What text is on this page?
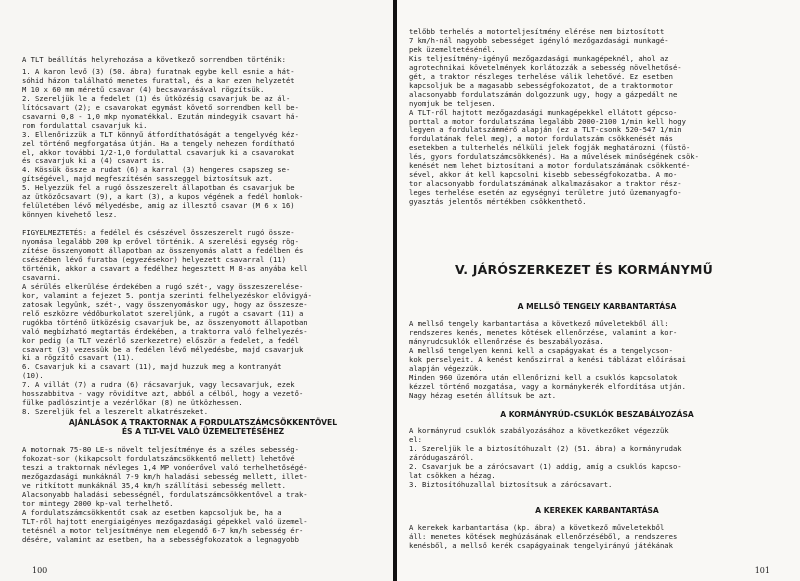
A TLT beállítás helyrehozása a következő sorrendben történik:
1. A karon levő (3) (50. ábra) furatnak egybe kell esnie a hát-
sóhid házon található menetes furattal, és a kar ezen helyzetét
M 10 x 60 mm méretű csavar (4) becsavarásával rögzítsük.
2. Szereljük le a fedelet (1) és ütközésig csavarjuk be az ál-
lítócsavart (2); e csavarokat egymást követő sorrendben kell be-
csavarni 0,8 - 1,0 mkp nyomatékkal. Ezután mindegyik csavart há-
rom fordulattal csavarjuk ki.
3. Ellenőrizzük a TLT könnyű átfordíthatóságát a tengelyvég kéz-
zel történő megforgatása útján. Ha a tengely nehezen fordítható
el, akkor további 1/2-1,0 fordulattal csavarjuk ki a csavarokat
és csavarjuk ki a (4) csavart is.
4. Kössük össze a rudat (6) a karral (3) hengeres csapszeg se-
gítségével, majd megfeszítésén sasszeggel biztosítsuk azt.
5. Helyezzük fel a rugó összeszerelt állapotban és csavarjuk be
az ütközőcsavart (9), a kart (3), a kupos végének a fedél homlok-
felületében lévő mélyedésbe, amig az illesztő csavar (M 6 x 16)
könnyen kivehető lesz.

FIGYELMEZTETÉS: a fedélel és csészével összeszerelt rugó össze-
nyomása legalább 200 kp erővel történik. A szerelési egység rög-
zítése összenyomott állapotban az összenyomás alatt a fedélben és
csészében lévő furatba (egyezésekor) helyezett csavarral (11)
történik, akkor a csavart a fedélhez hegesztett M 8-as anyába kell
csavarni.
A sérülés elkerülése érdekében a rugó szét-, vagy összeszerelése-
kor, valamint a fejezet 5. pontja szerinti felhelyezéskor elővigyá-
zatosak legyünk, szét-, vagy összenyomáskor ugy, hogy az összesze-
relő eszközre védőburkolatot szereljünk, a rugót a csavart (11) a
rugókba történő ütközésig csavarjuk be, az összenyomott állapotban
való megbízható megtartás érdekében, a traktorra való felhelyezés-
kor pedig (a TLT vezérlő szerkezetre) először a fedelet, a fedél
csavart (3) vezessük be a fedélen lévő mélyedésbe, majd csavarjuk
ki a rögzítő csavart (11).
6. Csavarjuk ki a csavart (11), majd huzzuk meg a kontranyát
(10).
7. A villát (7) a rudra (6) rácsavarjuk, vagy lecsavarjuk, ezek
hosszabbitva - vagy rövidítve azt, abból a célból, hogy a vezető-
fülke padlószintje a vezérlőkar (8) ne ütközhessen.
8. Szereljük fel a leszerelt alkatrészeket.
AJÁNLÁSOK A TRAKTORNAK A FORDULATSZÁMCSÖKKENTÖVEL
ÉS A TLT-VEL VALÓ ÜZEMELTETÉSÉHEZ
A motornak 75-80 LE-s növelt teljesítménye és a széles sebesség-
fokozat-sor (kikapcsolt fordulatszámcsökkentő mellett) lehetővé
teszi a traktornak névleges 1,4 MP vonóerővel való terhelhetőségé-
mezőgazdasági munkáknál 7-9 km/h haladási sebesség mellett, illet-
ve ritkított munkáknál 35,4 km/h szállítási sebesség mellett.
Alacsonyabb haladási sebességnél, fordulatszámcsökkentővel a trak-
tor mintegy 2000 kp-val terhelhető.
A fordulatszámcsökkentőt csak az esetben kapcsoljuk be, ha a
TLT-ről hajtott energiaigényes mezőgazdasági gépekkel való üzemel-
tetésnél a motor teljesítménye nem elegendő 6-7 km/h sebesség ér-
désére, valamint az esetben, ha a sebességfokozatok a legnagyobb
100
telőbb terhelés a motorteljesítmény elérése nem biztosított
7 km/h-nál nagyobb sebességet igényló mezőgazdasági munkagé-
pek üzemeltetésénél.
Kis teljesítmény-igényű mezőgazdasági munkagépeknél, ahol az
agrotechnikai követelmények korlátozzák a sebesség növelhetősé-
gét, a traktor részleges terhelése válik lehetővé. Ez esetben
kapcsoljuk be a magasabb sebességfokozatot, de a traktormotor
alacsonyabb fordulatszámán dolgozzunk ugy, hogy a gázpedált ne
nyomjuk be teljesen.
A TLT-ről hajtott mezőgazdasági munkagépekkel ellátott gépcso-
porttal a motor fordulatszáma legalább 2000-2100 1/min kell hogy
legyen a fordulatszámmérő alapján (ez a TLT-csonk 520-547 1/min
fordulatának felel meg), a motor fordulatszám csökkenését más
esetekben a tulterhelés nélküli jelek fogják meghatározni (füstö-
lés, gyors fordulatszámcsökkenés). Ha a művelések minőségének csök-
kenését nem lehet biztosítani a motor fordulatszámának csökkenté-
sével, akkor át kell kapcsolni kisebb sebességfokozatba. A mo-
tor alacsonyabb fordulatszámának alkalmazásakor a traktor rész-
leges terhelése esetén az egységnyi területre jutó üzemanyagfo-
gyasztás jelentős mértékben csökkenthető.
V. JÁRÓSZERKEZET ÉS KORMÁNYMŰ
A MELLSŐ TENGELY KARBANTARTÁSA
A mellső tengely karbantartása a következő műveletekből áll:
rendszeres kenés, menetes kötések ellenőrzése, valamint a kor-
mányrudcsuklók ellenőrzése és beszabályozása.
A mellső tengelyen kenni kell a csapágyakat és a tengelycson-
kok perselyeit. A kenést kenőszirral a kenési táblázat előírásai
alapján végezzük.
Minden 960 üzemóra után ellenőrizni kell a csuklós kapcsolatok
kézzel történő mozgatása, vagy a kormánykerék elfordítása utján.
Nagy hézag esetén állítsuk be azt.
A KORMÁNYRÚD-CSUKLÓK BESZABÁLYOZÁSA
A kormányrud csuklók szabályozásához a következőket végezzük
el:
1. Szereljük le a biztosítóhuzalt (2) (51. ábra) a kormányrudak
záródugaszáról.
2. Csavarjuk be a zárócsavart (1) addig, amíg a csuklós kapcso-
lat csökken a hézag.
3. Biztosítóhuzallal biztosítsuk a zárócsavart.
A KEREKEK KARBANTARTÁSA
A kerekek karbantartása (kp. ábra) a következő műveletekből
áll: menetes kötések meghúzásának ellenőrzéséből, a rendszeres
kenésből, a mellső kerék csapágyainak tengelyirányú játékának
101
